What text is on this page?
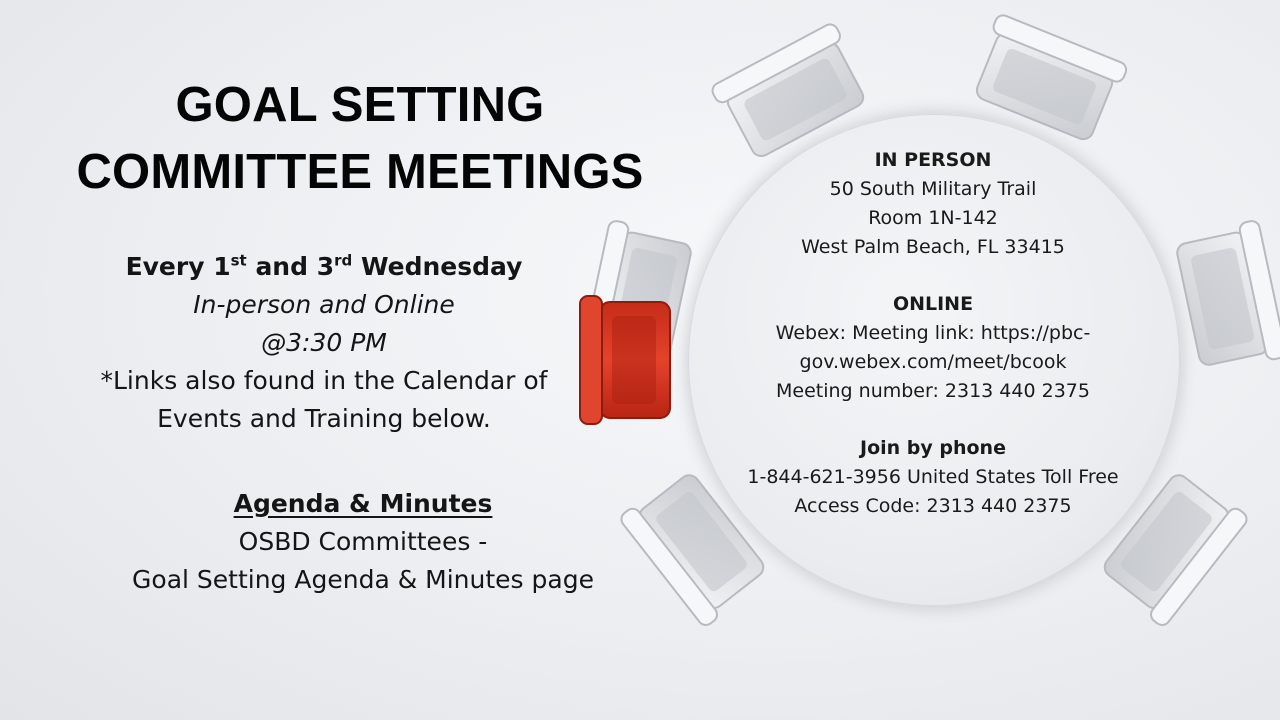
GOAL SETTING
COMMITTEE MEETINGS
Every 1st and 3rd Wednesday
In-person and Online
@3:30 PM
*Links also found in the Calendar of
Events and Training below.
Agenda & Minutes
OSBD Committees -
Goal Setting Agenda & Minutes page
IN PERSON
50 South Military Trail
Room 1N-142
West Palm Beach, FL 33415
ONLINE
Webex: Meeting link: https://pbc-
gov.webex.com/meet/bcook
Meeting number: 2313 440 2375
Join by phone
1-844-621-3956 United States Toll Free
Access Code: 2313 440 2375
